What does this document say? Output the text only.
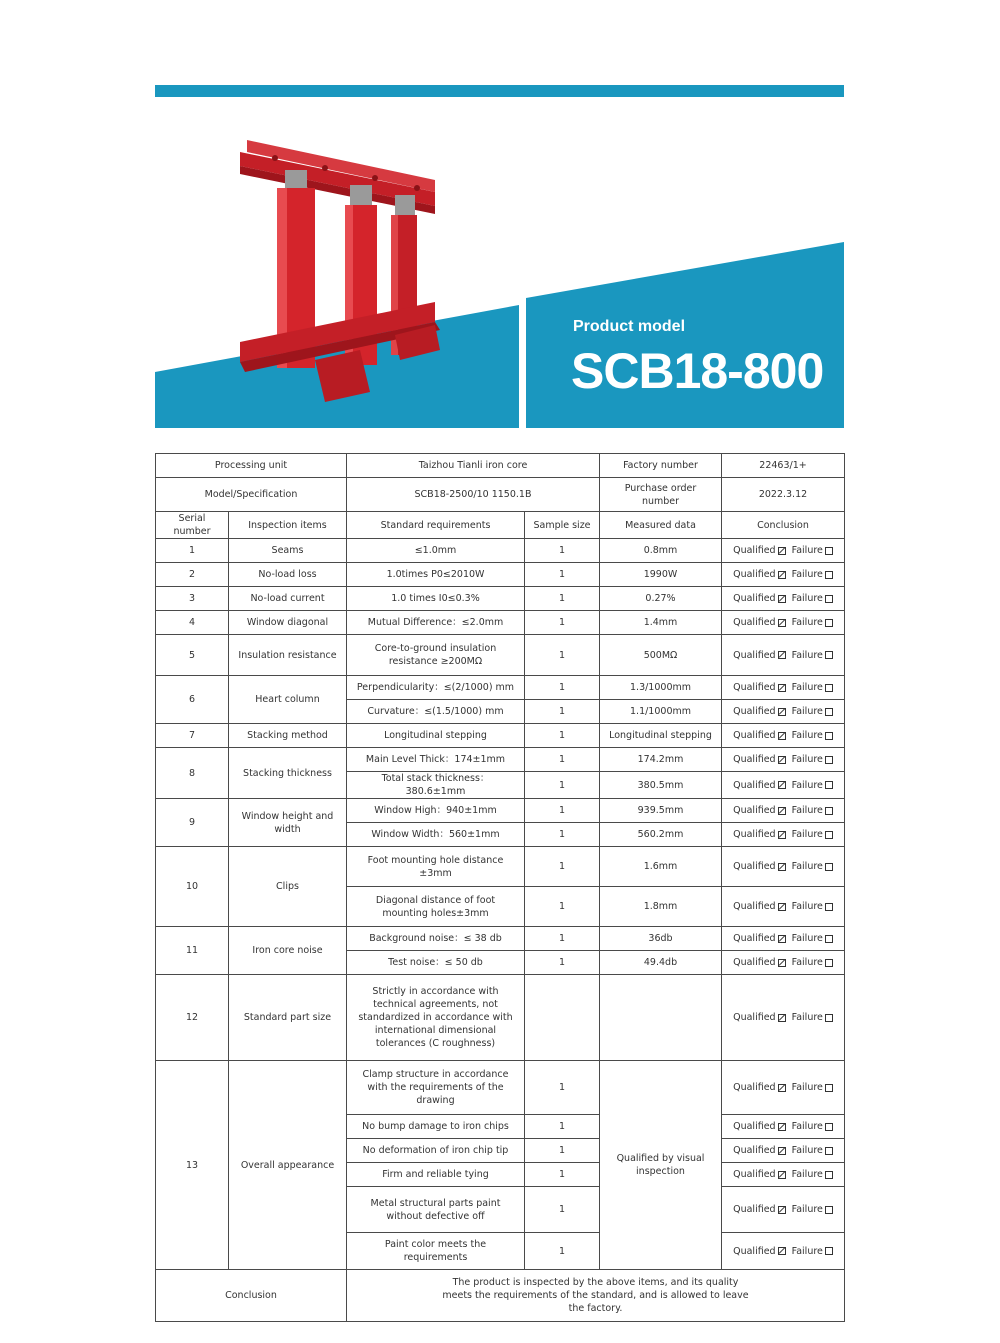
Product model
SCB18-800
Processing unit		Taizhou Tianli iron core		Factory number	22463/1+
Model/Specification		SCB18-2500/10 1150.1B		Purchase order number	2022.3.12
Serial number	Inspection items	Standard requirements	Sample size	Measured data	Conclusion
1	Seams	≤1.0mm	1	0.8mm	Qualified Failure
2	No-load loss	1.0times P0≤2010W	1	1990W	Qualified Failure
3	No-load current	1.0 times I0≤0.3%	1	0.27%	Qualified Failure
4	Window diagonal	Mutual Difference：≤2.0mm	1	1.4mm	Qualified Failure
5	Insulation resistance	Core-to-ground insulation resistance ≥200MΩ	1	500MΩ	Qualified Failure
6	Heart column	Perpendicularity：≤(2/1000) mm	1	1.3/1000mm	Qualified Failure
		Curvature：≤(1.5/1000) mm	1	1.1/1000mm	Qualified Failure
7	Stacking method	Longitudinal stepping	1	Longitudinal stepping	Qualified Failure
8	Stacking thickness	Main Level Thick：174±1mm	1	174.2mm	Qualified Failure
		Total stack thickness：380.6±1mm	1	380.5mm	Qualified Failure
9	Window height and width	Window High：940±1mm	1	939.5mm	Qualified Failure
		Window Width：560±1mm	1	560.2mm	Qualified Failure
10	Clips	Foot mounting hole distance ±3mm	1	1.6mm	Qualified Failure
		Diagonal distance of foot mounting holes±3mm	1	1.8mm	Qualified Failure
11	Iron core noise	Background noise：≤ 38 db	1	36db	Qualified Failure
		Test noise：≤ 50 db	1	49.4db	Qualified Failure
12	Standard part size	Strictly in accordance with technical agreements, not standardized in accordance with international dimensional tolerances (C roughness)			Qualified Failure
13	Overall appearance	Clamp structure in accordance with the requirements of the drawing	1	Qualified by visual inspection	Qualified Failure
		No bump damage to iron chips	1		Qualified Failure
		No deformation of iron chip tip	1		Qualified Failure
		Firm and reliable tying	1		Qualified Failure
		Metal structural parts paint without defective off	1		Qualified Failure
		Paint color meets the requirements	1		Qualified Failure
Conclusion		The product is inspected by the above items, and its quality meets the requirements of the standard, and is allowed to leave the factory.			
